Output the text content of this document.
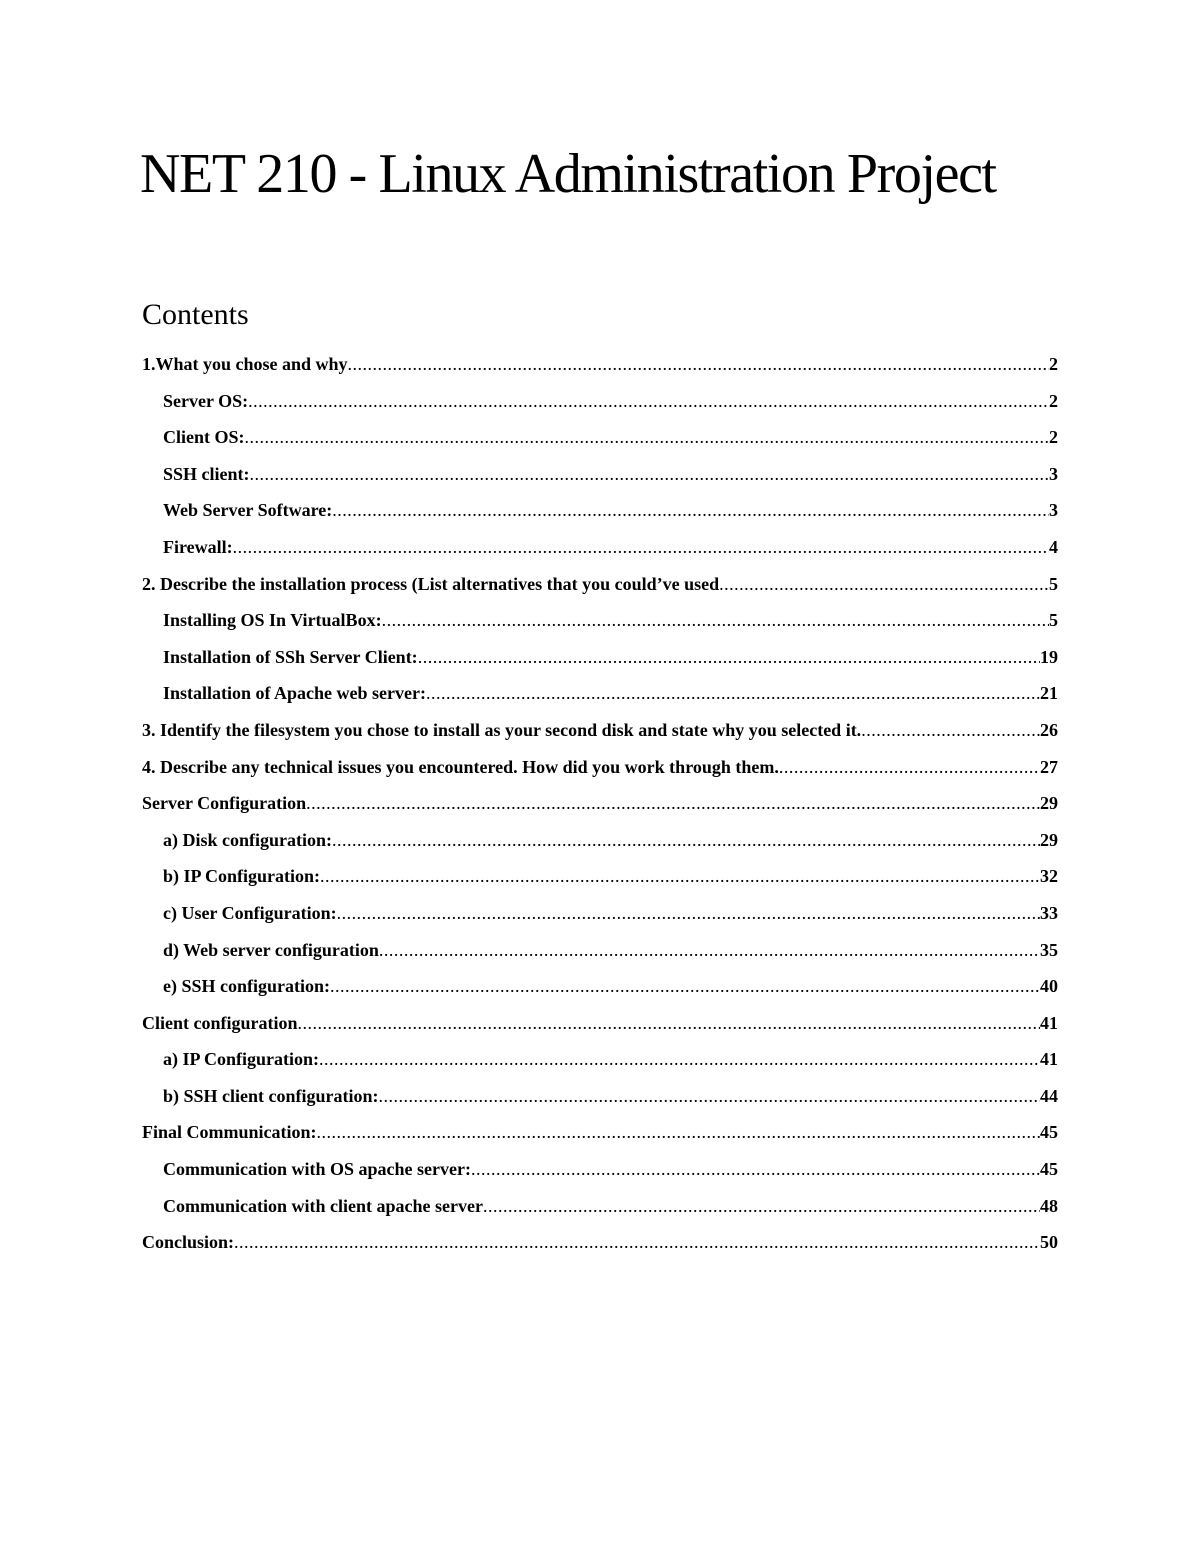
NET 210 - Linux Administration Project
Contents
1.What you chose and why .....	2
Server OS: .....	2
Client OS: .....	2
SSH client: .....	3
Web Server Software: .....	3
Firewall: .....	4
2. Describe the installation process (List alternatives that you could’ve used .....	5
Installing OS In VirtualBox: .....	5
Installation of SSh Server Client: .....	19
Installation of Apache web server: .....	21
3. Identify the filesystem you chose to install as your second disk and state why you selected it. .....	26
4. Describe any technical issues you encountered. How did you work through them. .....	27
Server Configuration .....	29
a) Disk configuration: .....	29
b) IP Configuration: .....	32
c) User Configuration: .....	33
d) Web server configuration .....	35
e) SSH configuration: .....	40
Client configuration .....	41
a) IP Configuration: .....	41
b) SSH client configuration: .....	44
Final Communication: .....	45
Communication with OS apache server: .....	45
Communication with client apache server .....	48
Conclusion: .....	50
